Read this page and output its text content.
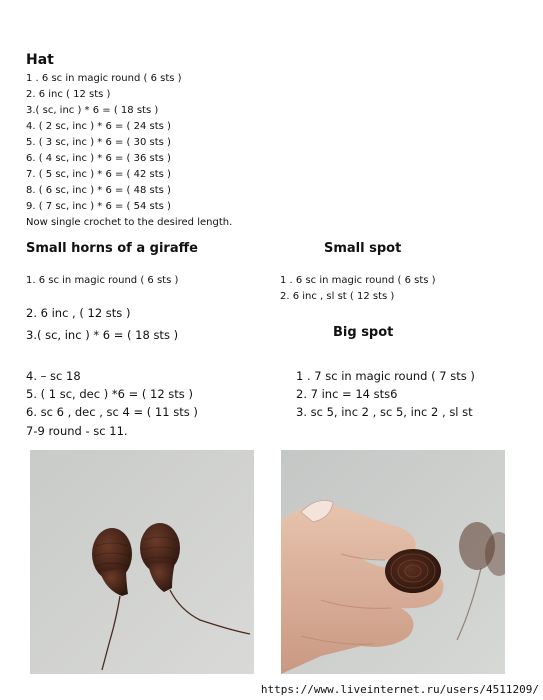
Hat
1 . 6 sc in magic round ( 6 sts )
2. 6 inc ( 12 sts )
3.( sc, inc ) * 6 = ( 18 sts )
4. ( 2 sc, inc ) * 6 = ( 24 sts )
5. ( 3 sc, inc ) * 6 = ( 30 sts )
6. ( 4 sc, inc ) * 6 = ( 36 sts )
7. ( 5 sc, inc ) * 6 = ( 42 sts )
8. ( 6 sc, inc ) * 6 = ( 48 sts )
9. ( 7 sc, inc ) * 6 = ( 54 sts )
Now single crochet to the desired length.
Small horns of a giraffe
1. 6 sc in magic round ( 6 sts )
2. 6 inc , ( 12 sts )
3.( sc, inc ) * 6 = ( 18 sts )
4. – sc 18
5. ( 1 sc, dec ) *6 = ( 12 sts )
6. sc 6 , dec , sc 4 = ( 11 sts )
7-9 round - sc 11.
Small spot
1 . 6 sc in magic round ( 6 sts )
2. 6 inc , sl st ( 12 sts )
Big spot
1 . 7 sc in magic round ( 7 sts )
2. 7 inc = 14 sts6
3. sc 5, inc 2 , sc 5, inc 2 , sl st
https://www.liveinternet.ru/users/4511209/
